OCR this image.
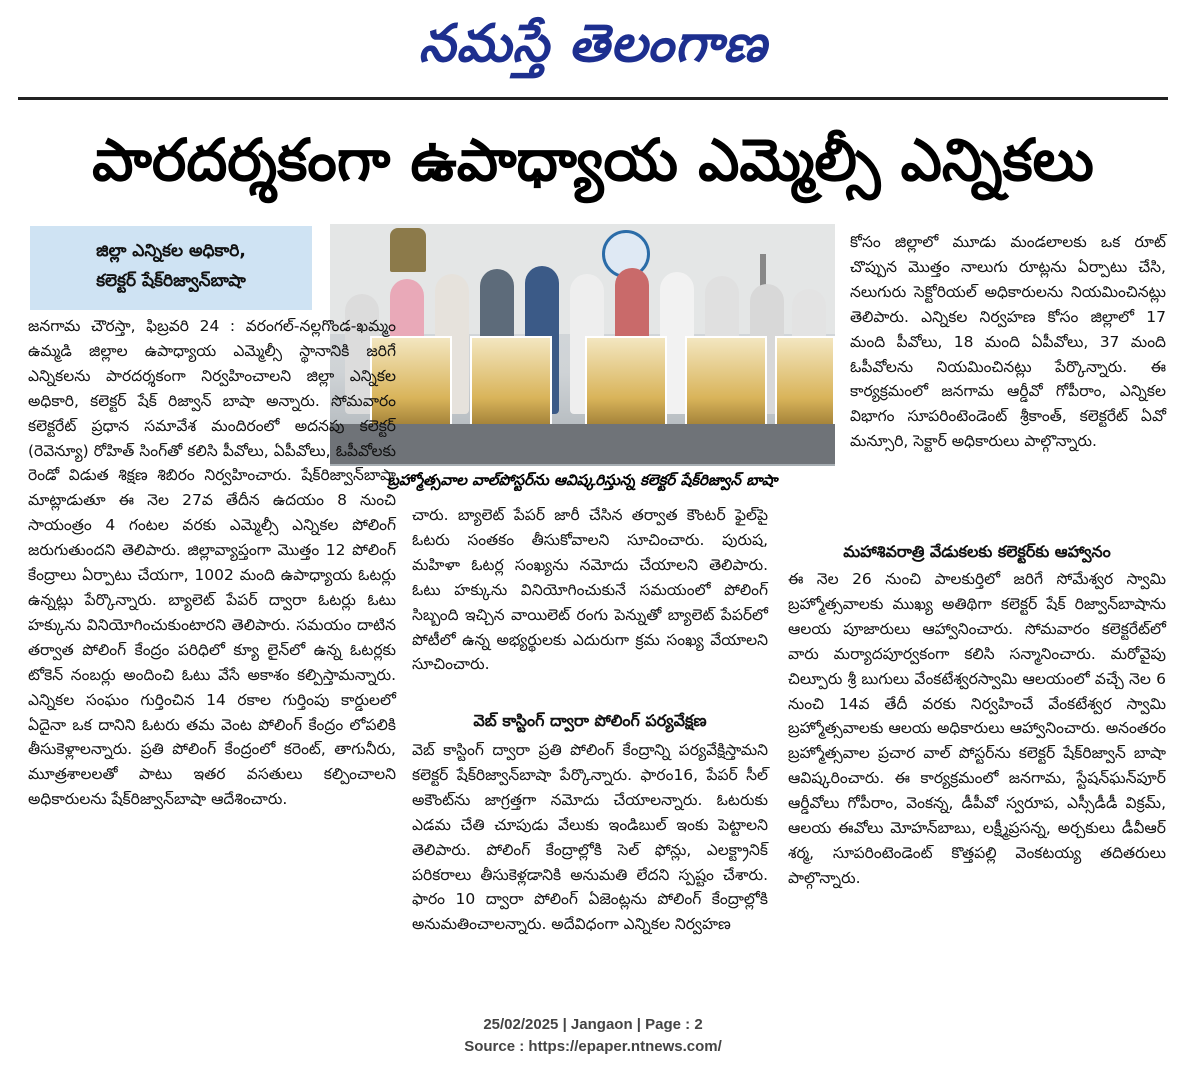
నమస్తే తెలంగాణ
పారదర్శకంగా ఉపాధ్యాయ ఎమ్మెల్సీ ఎన్నికలు
జిల్లా ఎన్నికల అధికారి,
కలెక్టర్ షేక్‌రిజ్వాన్‌బాషా
బ్రహ్మోత్సవాల వాల్‌పోస్టర్‌ను ఆవిష్కరిస్తున్న కలెక్టర్ షేక్‌రిజ్వాన్ బాషా

జనగామ చౌరస్తా, ఫిబ్రవరి 24 : వరంగల్‌-నల్లగొండ-ఖమ్మం ఉమ్మడి జిల్లాల ఉపాధ్యాయ ఎమ్మెల్సీ స్థానానికి జరిగే ఎన్నికలను పారదర్శకంగా నిర్వహించాలని జిల్లా ఎన్నికల అధికారి, కలెక్టర్ షేక్ రిజ్వాన్ బాషా అన్నారు. సోమవారం కలెక్టరేట్ ప్రధాన సమావేశ మందిరంలో అదనపు కలెక్టర్ (రెవెన్యూ) రోహిత్ సింగ్‌తో కలిసి పీవోలు, ఏపీవోలు, ఓపీవోలకు రెండో విడుత శిక్షణ శిబిరం నిర్వహించారు. షేక్‌రిజ్వాన్‌బాషా మాట్లాడుతూ ఈ నెల 27వ తేదీన ఉదయం 8 నుంచి సాయంత్రం 4 గంటల వరకు ఎమ్మెల్సీ ఎన్నికల పోలింగ్ జరుగుతుందని తెలిపారు. జిల్లావ్యాప్తంగా మొత్తం 12 పోలింగ్ కేంద్రాలు ఏర్పాటు చేయగా, 1002 మంది ఉపాధ్యాయ ఓటర్లు ఉన్నట్లు పేర్కొన్నారు. బ్యాలెట్ పేపర్ ద్వారా ఓటర్లు ఓటు హక్కును వినియోగించుకుంటారని తెలిపారు. సమయం దాటిన తర్వాత పోలింగ్ కేంద్రం పరిధిలో క్యూ లైన్‌లో ఉన్న ఓటర్లకు టోకెన్ నంబర్లు అందించి ఓటు వేసే అకాశం కల్పిస్తామన్నారు. ఎన్నికల సంఘం గుర్తించిన 14 రకాల గుర్తింపు కార్డులలో ఏదైనా ఒక దానిని ఓటరు తమ వెంట పోలింగ్ కేంద్రం లోపలికి తీసుకెళ్లాలన్నారు. ప్రతి పోలింగ్ కేంద్రంలో కరెంట్, తాగునీరు, మూత్రశాలలతో పాటు ఇతర వసతులు కల్పించాలని అధికారులను షేక్‌రిజ్వాన్‌బాషా ఆదేశించారు.

చారు. బ్యాలెట్ పేపర్ జారీ చేసిన తర్వాత కౌంటర్ ఫైల్‌పై ఓటరు సంతకం తీసుకోవాలని సూచించారు. పురుష, మహిళా ఓటర్ల సంఖ్యను నమోదు చేయాలని తెలిపారు. ఓటు హక్కును వినియోగించుకునే సమయంలో పోలింగ్ సిబ్బంది ఇచ్చిన వాయిలెట్ రంగు పెన్నుతో బ్యాలెట్ పేపర్‌లో పోటీలో ఉన్న అభ్యర్థులకు ఎదురుగా క్రమ సంఖ్య వేయాలని సూచించారు.

వెబ్ కాస్టింగ్ ద్వారా పోలింగ్ పర్యవేక్షణ

వెబ్ కాస్టింగ్ ద్వారా ప్రతి పోలింగ్ కేంద్రాన్ని పర్యవేక్షిస్తామని కలెక్టర్ షేక్‌రిజ్వాన్‌బాషా పేర్కొన్నారు. ఫారం16, పేపర్ సీల్ అకౌంట్‌ను జాగ్రత్తగా నమోదు చేయాలన్నారు. ఓటరుకు ఎడమ చేతి చూపుడు వేలుకు ఇండిబుల్ ఇంకు పెట్టాలని తెలిపారు. పోలింగ్ కేంద్రాల్లోకి సెల్ ఫోన్లు, ఎలక్ట్రానిక్ పరికరాలు తీసుకెళ్లడానికి అనుమతి లేదని స్పష్టం చేశారు. ఫారం 10 ద్వారా పోలింగ్ ఏజెంట్లను పోలింగ్ కేంద్రాల్లోకి అనుమతించాలన్నారు. అదేవిధంగా ఎన్నికల నిర్వహణ

కోసం జిల్లాలో మూడు మండలాలకు ఒక రూట్ చొప్పున మొత్తం నాలుగు రూట్లను ఏర్పాటు చేసి, నలుగురు సెక్టోరియల్ అధికారులను నియమించినట్లు తెలిపారు. ఎన్నికల నిర్వహణ కోసం జిల్లాలో 17 మంది పీవోలు, 18 మంది ఏపీవోలు, 37 మంది ఓపీవోలను నియమించినట్లు పేర్కొన్నారు. ఈ కార్యక్రమంలో జనగామ ఆర్డీవో గోపీరాం, ఎన్నికల విభాగం సూపరింటెండెంట్ శ్రీకాంత్, కలెక్టరేట్ ఏవో మన్సూరి, సెక్టార్ అధికారులు పాల్గొన్నారు.

మహాశివరాత్రి వేడుకలకు కలెక్టర్‌కు ఆహ్వానం

ఈ నెల 26 నుంచి పాలకుర్తిలో జరిగే సోమేశ్వర స్వామి బ్రహ్మోత్సవాలకు ముఖ్య అతిథిగా కలెక్టర్ షేక్ రిజ్వాన్‌బాషాను ఆలయ పూజారులు ఆహ్వానించారు. సోమవారం కలెక్టరేట్‌లో వారు మర్యాదపూర్వకంగా కలిసి సన్మానించారు. మరోవైపు చిల్పూరు శ్రీ బుగులు వేంకటేశ్వరస్వామి ఆలయంలో వచ్చే నెల 6 నుంచి 14వ తేదీ వరకు నిర్వహించే వేంకటేశ్వర స్వామి బ్రహ్మోత్సవాలకు ఆలయ అధికారులు ఆహ్వానించారు. అనంతరం బ్రహ్మోత్సవాల ప్రచార వాల్ పోస్టర్‌ను కలెక్టర్ షేక్‌రిజ్వాన్ బాషా ఆవిష్కరించారు. ఈ కార్యక్రమంలో జనగామ, స్టేషన్‌ఘన్‌పూర్ ఆర్డీవోలు గోపీరాం, వెంకన్న, డీపీవో స్వరూప, ఎస్సీడీడీ విక్రమ్, ఆలయ ఈవోలు మోహన్‌బాబు, లక్ష్మీప్రసన్న, అర్చకులు డీవీఆర్ శర్మ, సూపరింటెండెంట్ కొత్తపల్లి వెంకటయ్య తదితరులు పాల్గొన్నారు.

25/02/2025 | Jangaon | Page : 2
Source : https://epaper.ntnews.com/
